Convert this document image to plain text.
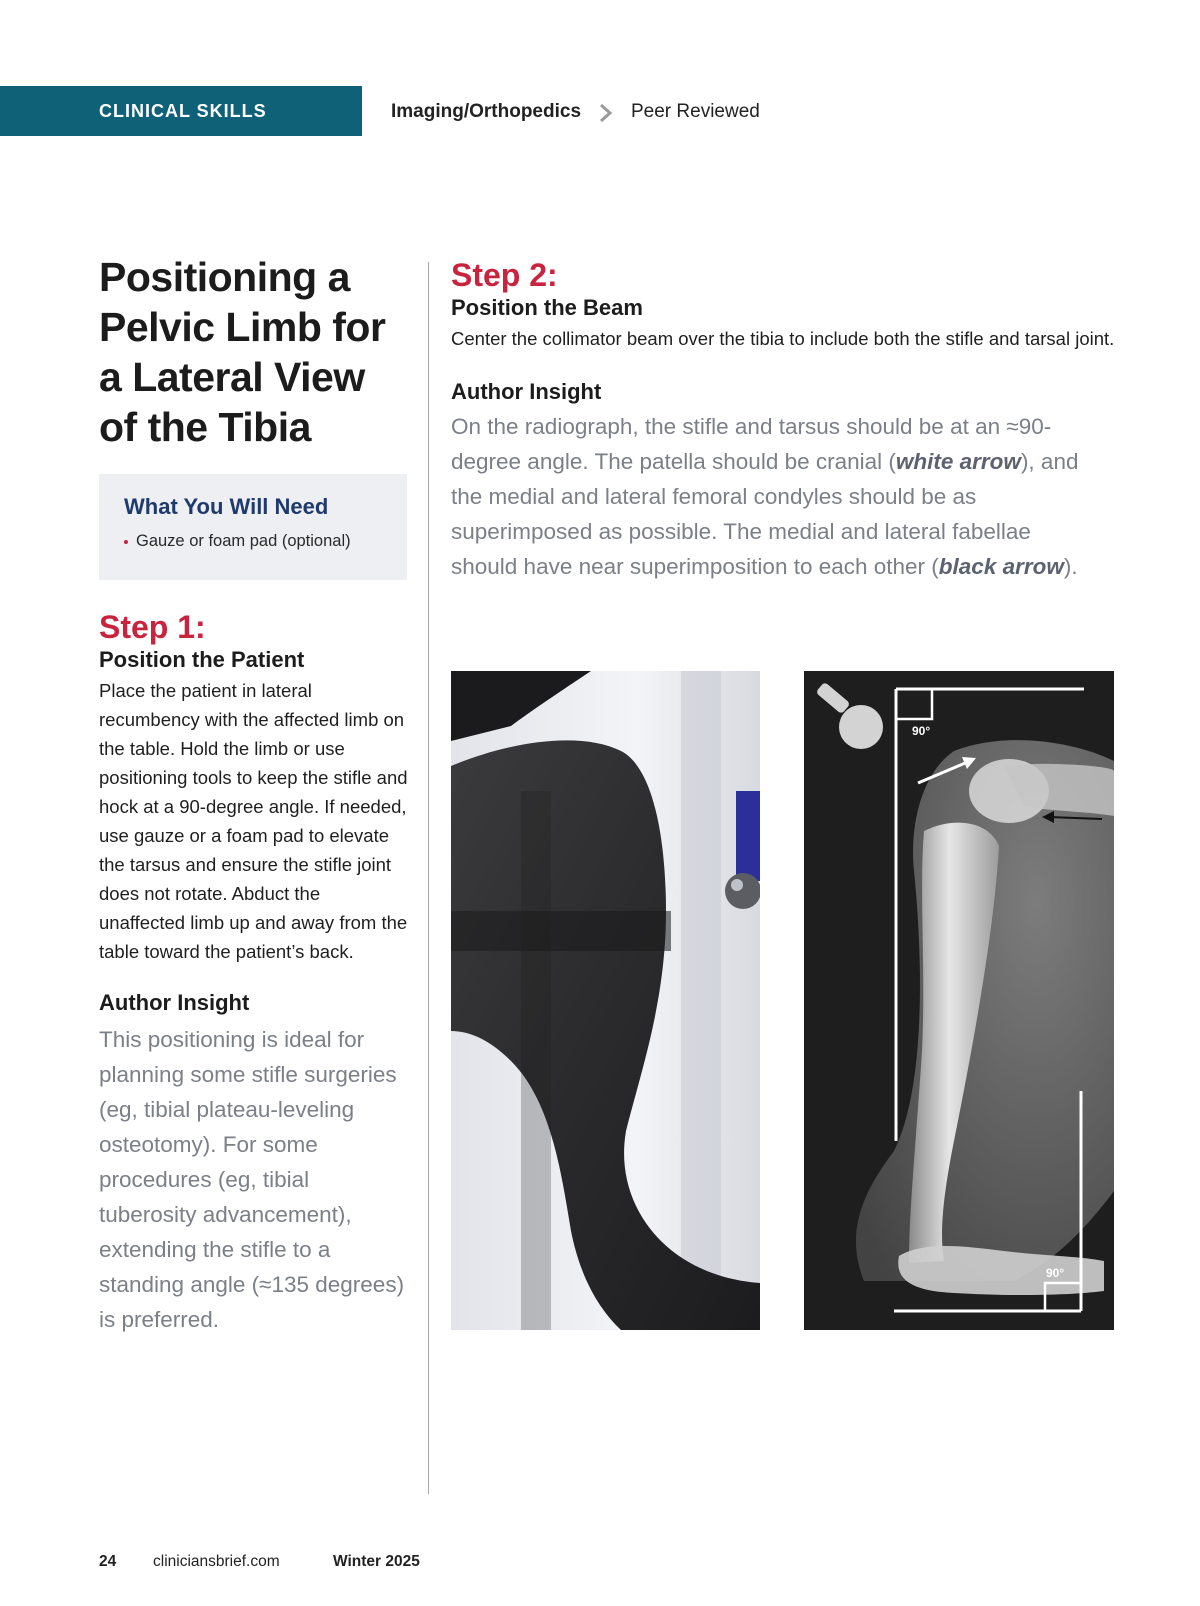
CLINICAL SKILLS	Imaging/Orthopedics	Peer Reviewed
Positioning a Pelvic Limb for a Lateral View of the Tibia
What You Will Need
Gauze or foam pad (optional)
Step 1:
Position the Patient
Place the patient in lateral recumbency with the affected limb on the table. Hold the limb or use positioning tools to keep the stifle and hock at a 90-degree angle. If needed, use gauze or a foam pad to elevate the tarsus and ensure the stifle joint does not rotate. Abduct the unaffected limb up and away from the table toward the patient’s back.
Author Insight
This positioning is ideal for planning some stifle surgeries (eg, tibial plateau-leveling osteotomy). For some procedures (eg, tibial tuberosity advancement), extending the stifle to a standing angle (≈135 degrees) is preferred.
Step 2:
Position the Beam
Center the collimator beam over the tibia to include both the stifle and tarsal joint.
Author Insight
On the radiograph, the stifle and tarsus should be at an ≈90-degree angle. The patella should be cranial (white arrow), and the medial and lateral femoral condyles should be as superimposed as possible. The medial and lateral fabellae should have near superimposition to each other (black arrow).
90°
90°
24 cliniciansbrief.com	Winter 2025
